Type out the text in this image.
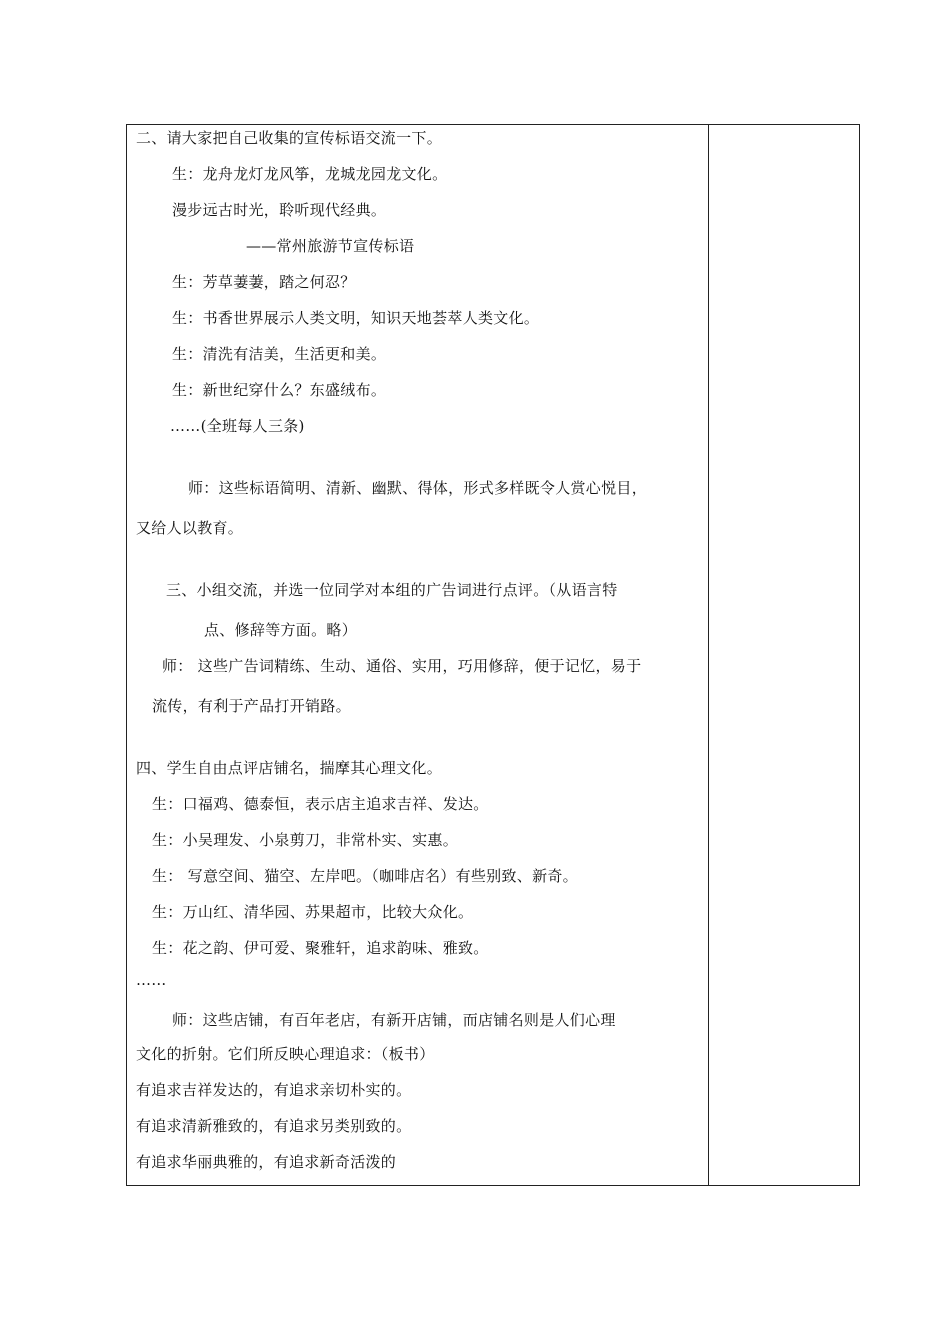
二、请大家把自己收集的宣传标语交流一下。
生：龙舟龙灯龙风筝，龙城龙园龙文化。
漫步远古时光，聆听现代经典。
——常州旅游节宣传标语
生：芳草萋萋，踏之何忍？
生：书香世界展示人类文明，知识天地荟萃人类文化。
生：清洗有洁美，生活更和美。
生：新世纪穿什么？东盛绒布。
……(全班每人三条)
师：这些标语简明、清新、幽默、得体，形式多样既令人赏心悦目，
又给人以教育。
三、小组交流，并选一位同学对本组的广告词进行点评。（从语言特
点、修辞等方面。略）
师： 这些广告词精练、生动、通俗、实用，巧用修辞，便于记忆，易于
流传，有利于产品打开销路。
四、学生自由点评店铺名，揣摩其心理文化。
生：口福鸡、德泰恒，表示店主追求吉祥、发达。
生：小吴理发、小泉剪刀，非常朴实、实惠。
生： 写意空间、猫空、左岸吧。（咖啡店名）有些别致、新奇。
生：万山红、清华园、苏果超市，比较大众化。
生：花之韵、伊可爱、聚雅轩，追求韵味、雅致。
……
师：这些店铺，有百年老店，有新开店铺，而店铺名则是人们心理
文化的折射。它们所反映心理追求：（板书）
有追求吉祥发达的，有追求亲切朴实的。
有追求清新雅致的，有追求另类别致的。
有追求华丽典雅的，有追求新奇活泼的
